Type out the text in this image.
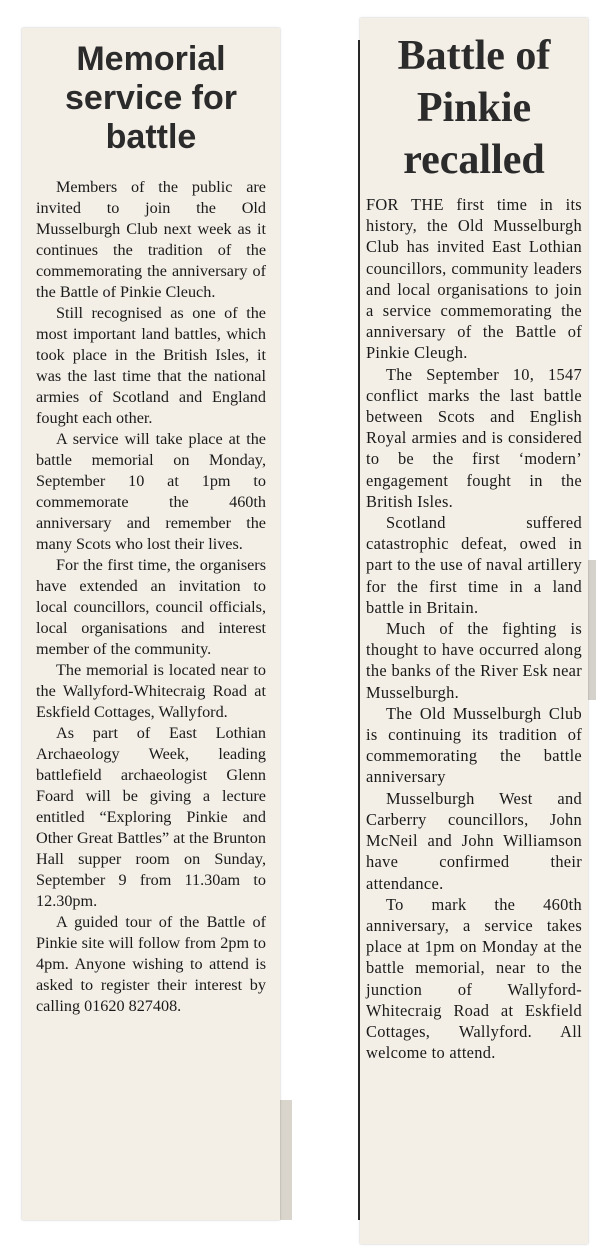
Memorial service for battle

Members of the public are invited to join the Old Musselburgh Club next week as it continues the tradition of the commemorating the anniversary of the Battle of Pinkie Cleuch.

Still recognised as one of the most important land battles, which took place in the British Isles, it was the last time that the national armies of Scotland and England fought each other.

A service will take place at the battle memorial on Monday, September 10 at 1pm to commemorate the 460th anniversary and remember the many Scots who lost their lives.

For the first time, the organisers have extended an invitation to local councillors, council officials, local organisations and interest member of the community.

The memorial is located near to the Wallyford-Whitecraig Road at Eskfield Cottages, Wallyford.

As part of East Lothian Archaeology Week, leading battlefield archaeologist Glenn Foard will be giving a lecture entitled “Exploring Pinkie and Other Great Battles” at the Brunton Hall supper room on Sunday, September 9 from 11.30am to 12.30pm.

A guided tour of the Battle of Pinkie site will follow from 2pm to 4pm. Anyone wishing to attend is asked to register their interest by calling 01620 827408.

Battle of Pinkie recalled

FOR THE first time in its history, the Old Musselburgh Club has invited East Lothian councillors, community leaders and local organisations to join a service commemorating the anniversary of the Battle of Pinkie Cleugh.

The September 10, 1547 conflict marks the last battle between Scots and English Royal armies and is considered to be the first ‘modern’ engagement fought in the British Isles.

Scotland suffered catastrophic defeat, owed in part to the use of naval artillery for the first time in a land battle in Britain.

Much of the fighting is thought to have occurred along the banks of the River Esk near Musselburgh.

The Old Musselburgh Club is continuing its tradition of commemorating the battle anniversary

Musselburgh West and Carberry councillors, John McNeil and John Williamson have confirmed their attendance.

To mark the 460th anniversary, a service takes place at 1pm on Monday at the battle memorial, near to the junction of Wallyford-Whitecraig Road at Eskfield Cottages, Wallyford. All welcome to attend.
